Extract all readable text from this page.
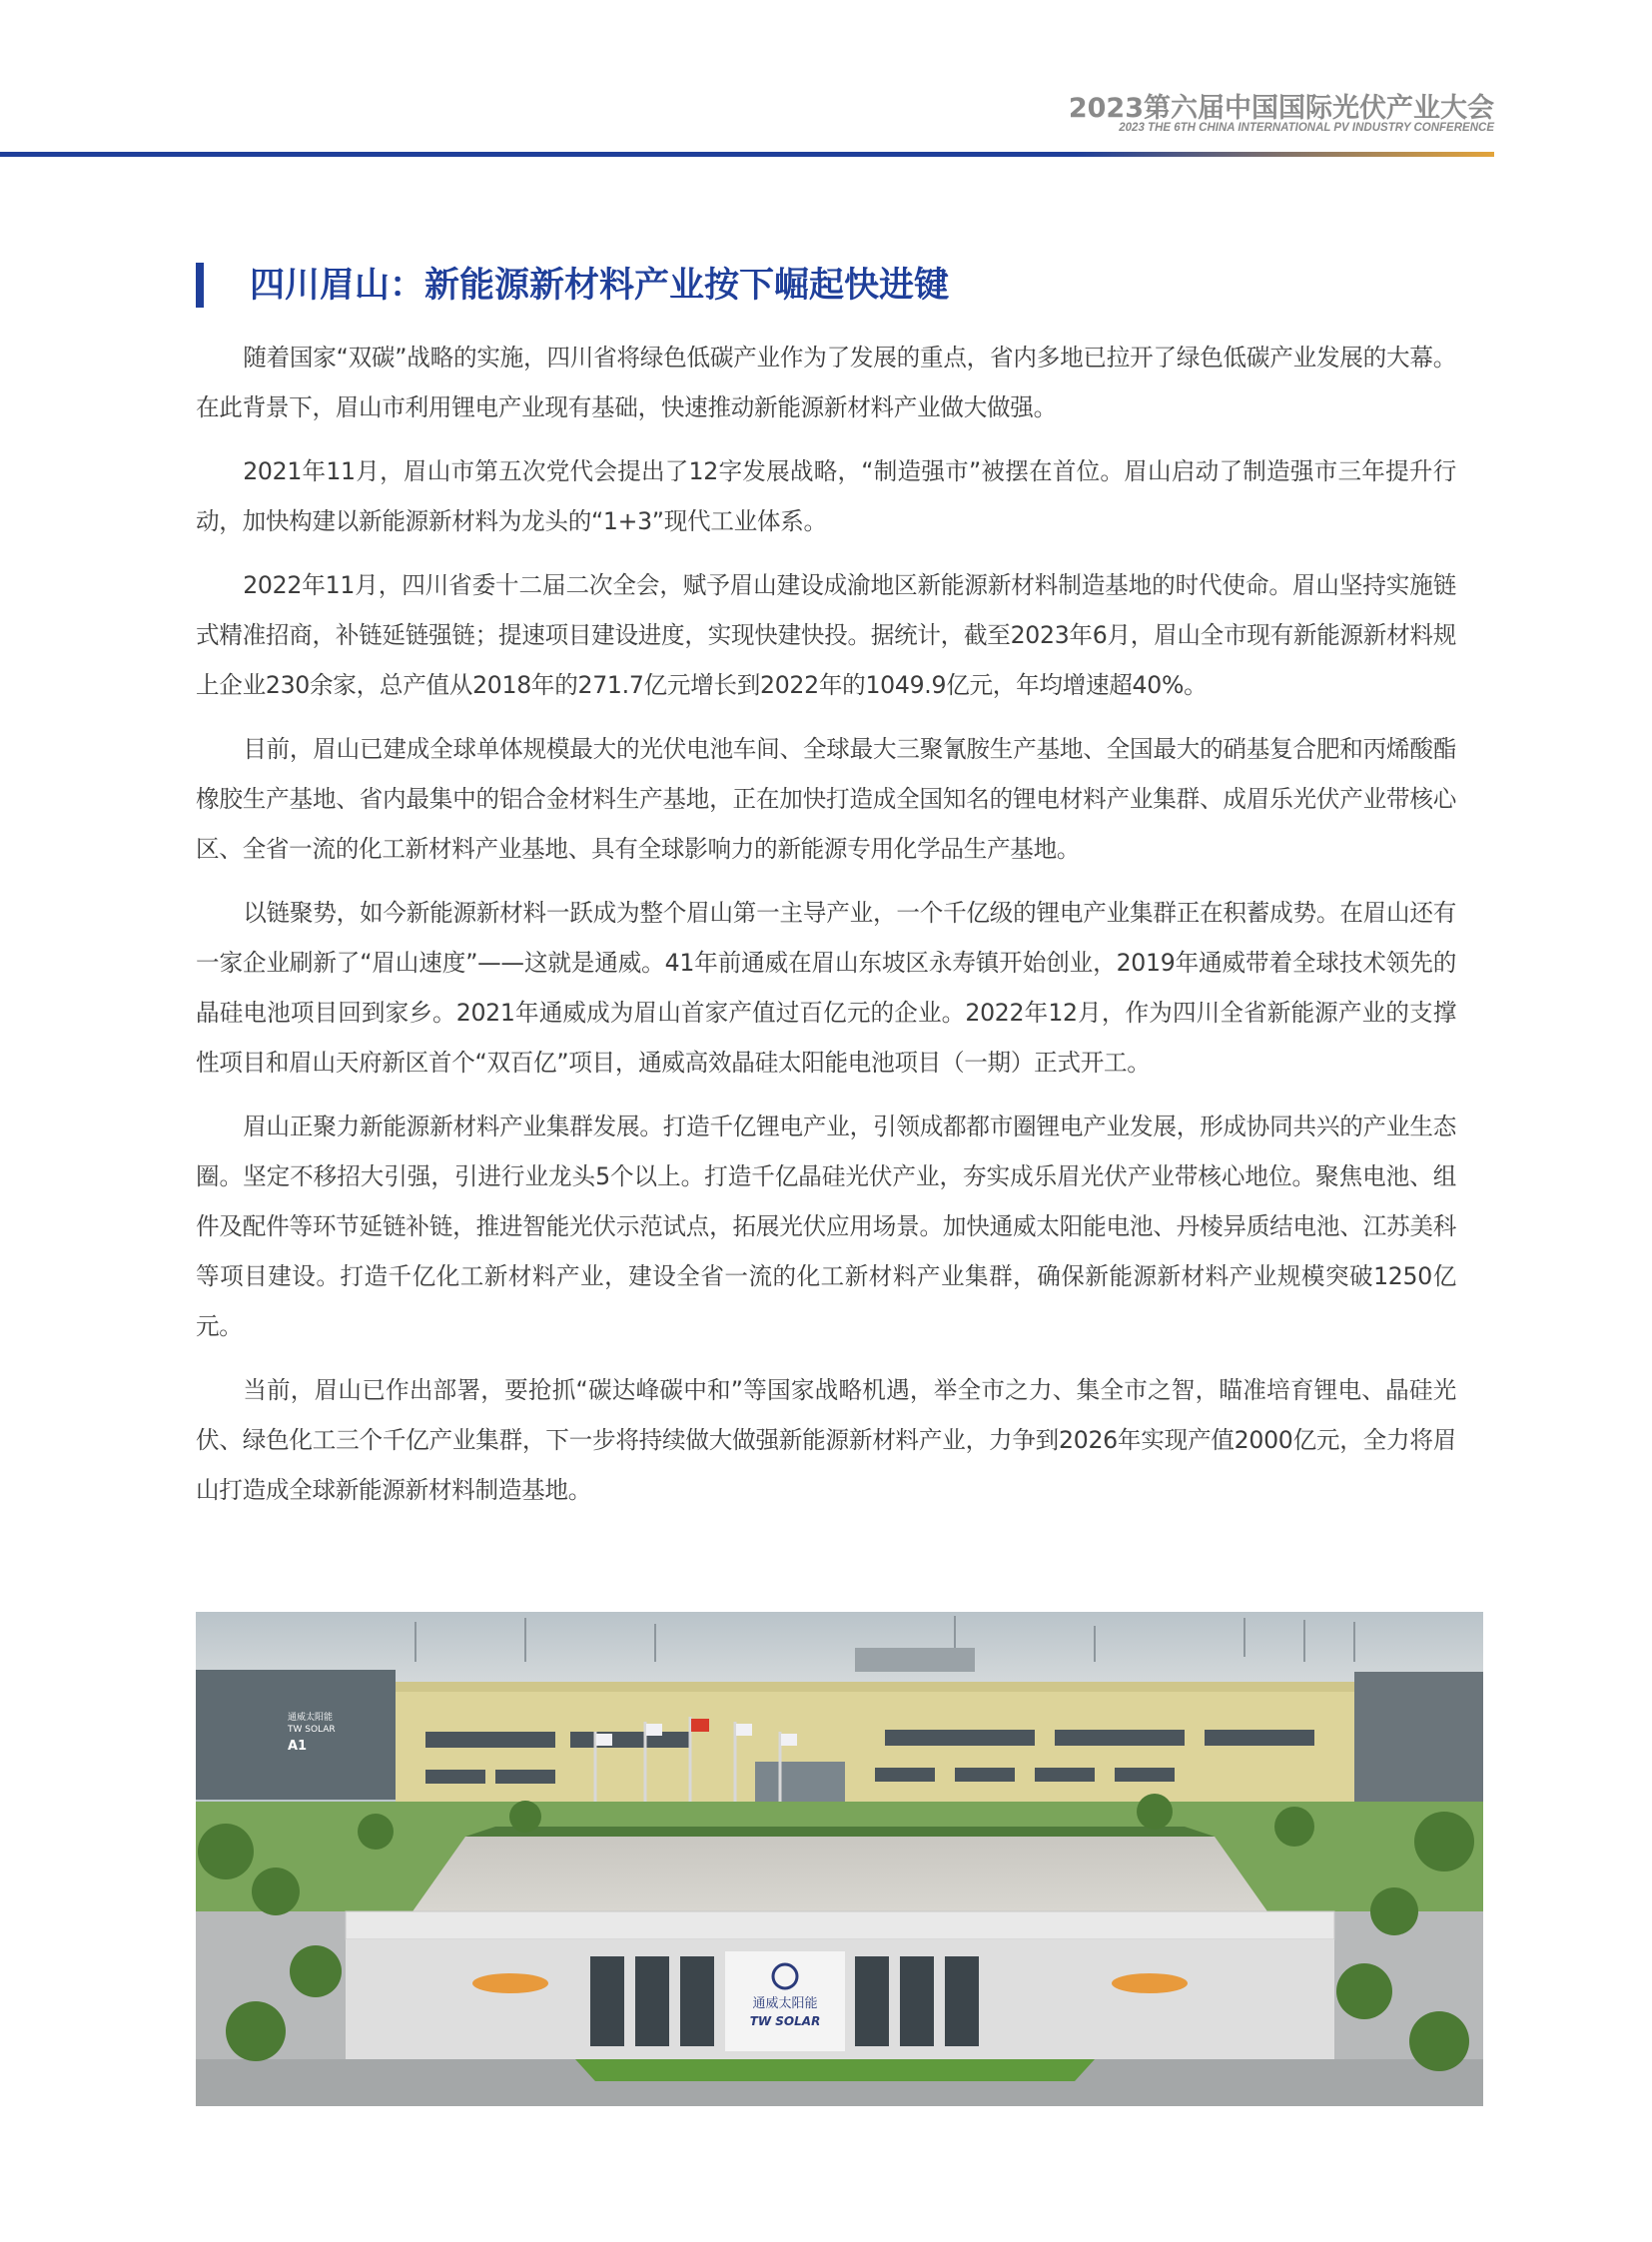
2023第六届中国国际光伏产业大会
2023 THE 6TH CHINA INTERNATIONAL PV INDUSTRY CONFERENCE
四川眉山：新能源新材料产业按下崛起快进键

随着国家“双碳”战略的实施，四川省将绿色低碳产业作为了发展的重点，省内多地已拉开了绿色低碳产业发展的大幕。在此背景下，眉山市利用锂电产业现有基础，快速推动新能源新材料产业做大做强。

2021年11月，眉山市第五次党代会提出了12字发展战略，“制造强市”被摆在首位。眉山启动了制造强市三年提升行动，加快构建以新能源新材料为龙头的“1+3”现代工业体系。

2022年11月，四川省委十二届二次全会，赋予眉山建设成渝地区新能源新材料制造基地的时代使命。眉山坚持实施链式精准招商，补链延链强链；提速项目建设进度，实现快建快投。据统计，截至2023年6月，眉山全市现有新能源新材料规上企业230余家，总产值从2018年的271.7亿元增长到2022年的1049.9亿元，年均增速超40%。

目前，眉山已建成全球单体规模最大的光伏电池车间、全球最大三聚氰胺生产基地、全国最大的硝基复合肥和丙烯酸酯橡胶生产基地、省内最集中的铝合金材料生产基地，正在加快打造成全国知名的锂电材料产业集群、成眉乐光伏产业带核心区、全省一流的化工新材料产业基地、具有全球影响力的新能源专用化学品生产基地。

以链聚势，如今新能源新材料一跃成为整个眉山第一主导产业，一个千亿级的锂电产业集群正在积蓄成势。在眉山还有一家企业刷新了“眉山速度”——这就是通威。41年前通威在眉山东坡区永寿镇开始创业，2019年通威带着全球技术领先的晶硅电池项目回到家乡。2021年通威成为眉山首家产值过百亿元的企业。2022年12月，作为四川全省新能源产业的支撑性项目和眉山天府新区首个“双百亿”项目，通威高效晶硅太阳能电池项目（一期）正式开工。

眉山正聚力新能源新材料产业集群发展。打造千亿锂电产业，引领成都都市圈锂电产业发展，形成协同共兴的产业生态圈。坚定不移招大引强，引进行业龙头5个以上。打造千亿晶硅光伏产业，夯实成乐眉光伏产业带核心地位。聚焦电池、组件及配件等环节延链补链，推进智能光伏示范试点，拓展光伏应用场景。加快通威太阳能电池、丹棱异质结电池、江苏美科等项目建设。打造千亿化工新材料产业，建设全省一流的化工新材料产业集群，确保新能源新材料产业规模突破1250亿元。

当前，眉山已作出部署，要抢抓“碳达峰碳中和”等国家战略机遇，举全市之力、集全市之智，瞄准培育锂电、晶硅光伏、绿色化工三个千亿产业集群，下一步将持续做大做强新能源新材料产业，力争到2026年实现产值2000亿元，全力将眉山打造成全球新能源新材料制造基地。

通威太阳能
TW SOLAR
A1
通威太阳能
TW SOLAR
